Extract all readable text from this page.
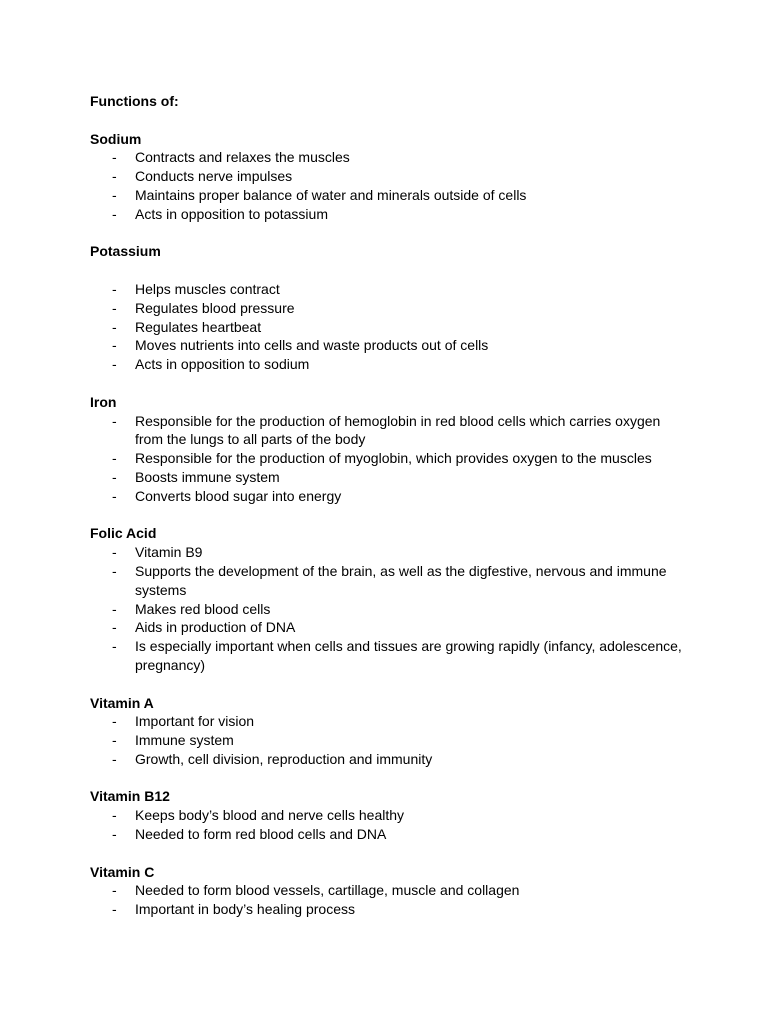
Functions of:

Sodium

- Contracts and relaxes the muscles
- Conducts nerve impulses
- Maintains proper balance of water and minerals outside of cells
- Acts in opposition to potassium

Potassium

- Helps muscles contract
- Regulates blood pressure
- Regulates heartbeat
- Moves nutrients into cells and waste products out of cells
- Acts in opposition to sodium

Iron

- Responsible for the production of hemoglobin in red blood cells which carries oxygen from the lungs to all parts of the body
- Responsible for the production of myoglobin, which provides oxygen to the muscles
- Boosts immune system
- Converts blood sugar into energy

Folic Acid

- Vitamin B9
- Supports the development of the brain, as well as the digfestive, nervous and immune systems
- Makes red blood cells
- Aids in production of DNA
- Is especially important when cells and tissues are growing rapidly (infancy, adolescence, pregnancy)

Vitamin A

- Important for vision
- Immune system
- Growth, cell division, reproduction and immunity

Vitamin B12

- Keeps body’s blood and nerve cells healthy
- Needed to form red blood cells and DNA

Vitamin C

- Needed to form blood vessels, cartillage, muscle and collagen
- Important in body’s healing process
